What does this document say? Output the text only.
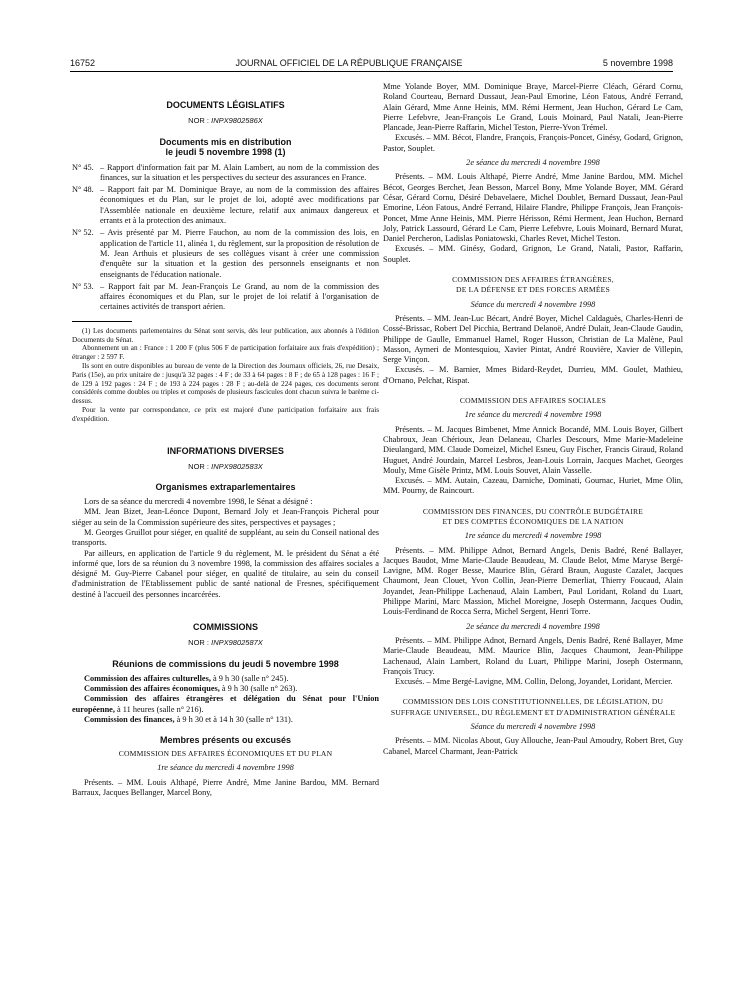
16752	JOURNAL OFFICIEL DE LA RÉPUBLIQUE FRANÇAISE	5 novembre 1998

DOCUMENTS LÉGISLATIFS

NOR : INPX9802586X

Documents mis en distribution

le jeudi 5 novembre 1998 (1)

N° 45. – Rapport d'information fait par M. Alain Lambert, au nom de la commission des finances, sur la situation et les perspectives du secteur des assurances en France.
N° 48. – Rapport fait par M. Dominique Braye, au nom de la commission des affaires économiques et du Plan, sur le projet de loi, adopté avec modifications par l'Assemblée nationale en deuxième lecture, relatif aux animaux dangereux et errants et à la protection des animaux.
N° 52. – Avis présenté par M. Pierre Fauchon, au nom de la commission des lois, en application de l'article 11, alinéa 1, du règlement, sur la proposition de résolution de M. Jean Arthuis et plusieurs de ses collègues visant à créer une commission d'enquête sur la situation et la gestion des personnels enseignants et non enseignants de l'éducation nationale.
N° 53. – Rapport fait par M. Jean-François Le Grand, au nom de la commission des affaires économiques et du Plan, sur le projet de loi relatif à l'organisation de certaines activités de transport aérien.

(1) Les documents parlementaires du Sénat sont servis, dès leur publication, aux abonnés à l'édition Documents du Sénat.

Abonnement un an : France : 1 200 F (plus 506 F de participation forfaitaire aux frais d'expédition) ; étranger : 2 597 F.

Ils sont en outre disponibles au bureau de vente de la Direction des Journaux officiels, 26, rue Desaix, Paris (15e), au prix unitaire de : jusqu'à 32 pages : 4 F ; de 33 à 64 pages : 8 F ; de 65 à 128 pages : 16 F ; de 129 à 192 pages : 24 F ; de 193 à 224 pages : 28 F ; au-delà de 224 pages, ces documents seront considérés comme doubles ou triples et composés de plusieurs fascicules dont chacun suivra le barème ci-dessus.

Pour la vente par correspondance, ce prix est majoré d'une participation forfaitaire aux frais d'expédition.

INFORMATIONS DIVERSES

NOR : INPX9802583X

Organismes extraparlementaires

Lors de sa séance du mercredi 4 novembre 1998, le Sénat a désigné :

MM. Jean Bizet, Jean-Léonce Dupont, Bernard Joly et Jean-François Picheral pour siéger au sein de la Commission supérieure des sites, perspectives et paysages ;

M. Georges Gruillot pour siéger, en qualité de suppléant, au sein du Conseil national des transports.

Par ailleurs, en application de l'article 9 du règlement, M. le président du Sénat a été informé que, lors de sa réunion du 3 novembre 1998, la commission des affaires sociales a désigné M. Guy-Pierre Cabanel pour siéger, en qualité de titulaire, au sein du conseil d'administration de l'Etablissement public de santé national de Fresnes, spécifiquement destiné à l'accueil des personnes incarcérées.

COMMISSIONS

NOR : INPX9802587X

Réunions de commissions du jeudi 5 novembre 1998

Commission des affaires culturelles, à 9 h 30 (salle n° 245).

Commission des affaires économiques, à 9 h 30 (salle n° 263).

Commission des affaires étrangères et délégation du Sénat pour l'Union européenne, à 11 heures (salle n° 216).

Commission des finances, à 9 h 30 et à 14 h 30 (salle n° 131).

Membres présents ou excusés

COMMISSION DES AFFAIRES ÉCONOMIQUES ET DU PLAN

1re séance du mercredi 4 novembre 1998

Présents. – MM. Louis Althapé, Pierre André, Mme Janine Bardou, MM. Bernard Barraux, Jacques Bellanger, Marcel Bony,

Mme Yolande Boyer, MM. Dominique Braye, Marcel-Pierre Cléach, Gérard Cornu, Roland Courteau, Bernard Dussaut, Jean-Paul Emorine, Léon Fatous, André Ferrand, Alain Gérard, Mme Anne Heinis, MM. Rémi Herment, Jean Huchon, Gérard Le Cam, Pierre Lefebvre, Jean-François Le Grand, Louis Moinard, Paul Natali, Jean-Pierre Plancade, Jean-Pierre Raffarin, Michel Teston, Pierre-Yvon Trémel.

Excusés. – MM. Bécot, Flandre, François, François-Poncet, Ginésy, Godard, Grignon, Pastor, Souplet.

2e séance du mercredi 4 novembre 1998

Présents. – MM. Louis Althapé, Pierre André, Mme Janine Bardou, MM. Michel Bécot, Georges Berchet, Jean Besson, Marcel Bony, Mme Yolande Boyer, MM. Gérard César, Gérard Cornu, Désiré Debavelaere, Michel Doublet, Bernard Dussaut, Jean-Paul Emorine, Léon Fatous, André Ferrand, Hilaire Flandre, Philippe François, Jean François-Poncet, Mme Anne Heinis, MM. Pierre Hérisson, Rémi Herment, Jean Huchon, Bernard Joly, Patrick Lassourd, Gérard Le Cam, Pierre Lefebvre, Louis Moinard, Bernard Murat, Daniel Percheron, Ladislas Poniatowski, Charles Revet, Michel Teston.

Excusés. – MM. Ginésy, Godard, Grignon, Le Grand, Natali, Pastor, Raffarin, Souplet.

COMMISSION DES AFFAIRES ÉTRANGÈRES,

DE LA DÉFENSE ET DES FORCES ARMÉES

Séance du mercredi 4 novembre 1998

Présents. – MM. Jean-Luc Bécart, André Boyer, Michel Caldaguès, Charles-Henri de Cossé-Brissac, Robert Del Picchia, Bertrand Delanoë, André Dulait, Jean-Claude Gaudin, Philippe de Gaulle, Emmanuel Hamel, Roger Husson, Christian de La Malène, Paul Masson, Aymeri de Montesquiou, Xavier Pintat, André Rouvière, Xavier de Villepin, Serge Vinçon.

Excusés. – M. Barnier, Mmes Bidard-Reydet, Durrieu, MM. Goulet, Mathieu, d'Ornano, Pelchat, Rispat.

COMMISSION DES AFFAIRES SOCIALES

1re séance du mercredi 4 novembre 1998

Présents. – M. Jacques Bimbenet, Mme Annick Bocandé, MM. Louis Boyer, Gilbert Chabroux, Jean Chérioux, Jean Delaneau, Charles Descours, Mme Marie-Madeleine Dieulangard, MM. Claude Domeizel, Michel Esneu, Guy Fischer, Francis Giraud, Roland Huguet, André Jourdain, Marcel Lesbros, Jean-Louis Lorrain, Jacques Machet, Georges Mouly, Mme Gisèle Printz, MM. Louis Souvet, Alain Vasselle.

Excusés. – MM. Autain, Cazeau, Darniche, Dominati, Gournac, Huriet, Mme Olin, MM. Pourny, de Raincourt.

COMMISSION DES FINANCES, DU CONTRÔLE BUDGÉTAIRE

ET DES COMPTES ÉCONOMIQUES DE LA NATION

1re séance du mercredi 4 novembre 1998

Présents. – MM. Philippe Adnot, Bernard Angels, Denis Badré, René Ballayer, Jacques Baudot, Mme Marie-Claude Beaudeau, M. Claude Belot, Mme Maryse Bergé-Lavigne, MM. Roger Besse, Maurice Blin, Gérard Braun, Auguste Cazalet, Jacques Chaumont, Jean Clouet, Yvon Collin, Jean-Pierre Demerliat, Thierry Foucaud, Alain Joyandet, Jean-Philippe Lachenaud, Alain Lambert, Paul Loridant, Roland du Luart, Philippe Marini, Marc Massion, Michel Moreigne, Joseph Ostermann, Jacques Oudin, Louis-Ferdinand de Rocca Serra, Michel Sergent, Henri Torre.

2e séance du mercredi 4 novembre 1998

Présents. – MM. Philippe Adnot, Bernard Angels, Denis Badré, René Ballayer, Mme Marie-Claude Beaudeau, MM. Maurice Blin, Jacques Chaumont, Jean-Philippe Lachenaud, Alain Lambert, Roland du Luart, Philippe Marini, Joseph Ostermann, François Trucy.

Excusés. – Mme Bergé-Lavigne, MM. Collin, Delong, Joyandet, Loridant, Mercier.

COMMISSION DES LOIS CONSTITUTIONNELLES, DE LÉGISLATION, DU SUFFRAGE UNIVERSEL, DU RÈGLEMENT ET D'ADMINISTRATION GÉNÉRALE

Séance du mercredi 4 novembre 1998

Présents. – MM. Nicolas About, Guy Allouche, Jean-Paul Amoudry, Robert Bret, Guy Cabanel, Marcel Charmant, Jean-Patrick
